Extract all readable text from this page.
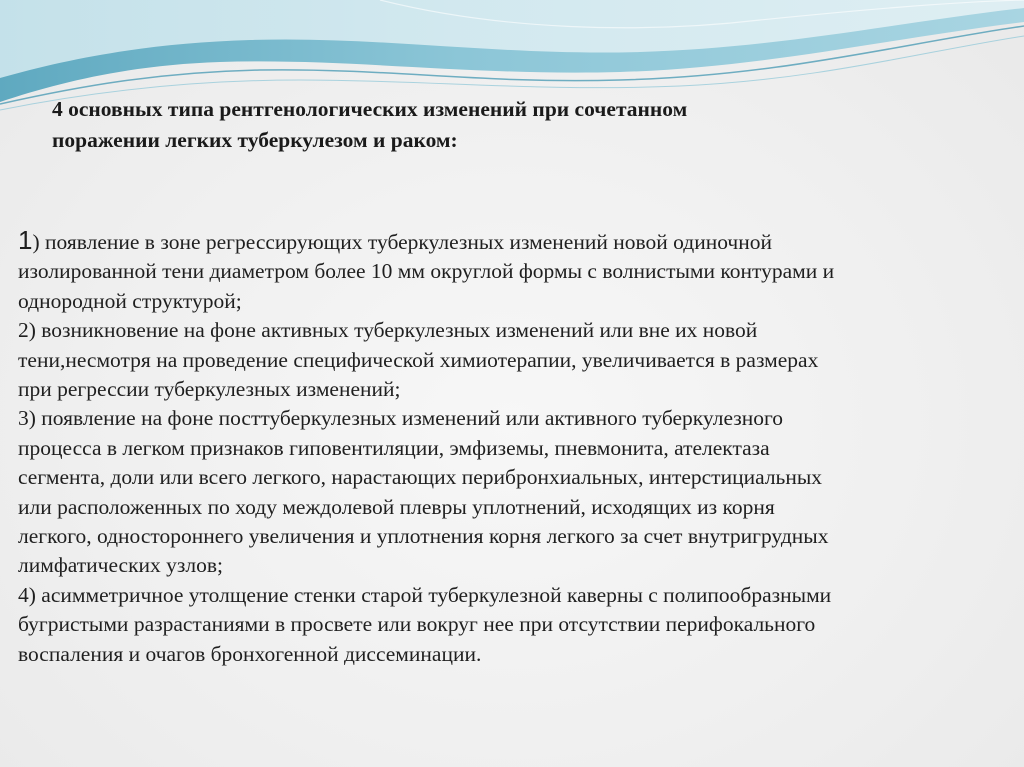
4 основных типа рентгенологических изменений при сочетанном
поражении легких туберкулезом и раком:
1) появление в зоне регрессирующих туберкулезных изменений новой одиночной
изолированной тени диаметром более 10 мм округлой формы с волнистыми контурами и
однородной структурой;
2) возникновение на фоне активных туберкулезных изменений или вне их новой
тени,несмотря на проведение специфической химиотерапии, увеличивается в размерах
при регрессии туберкулезных изменений;
3) появление на фоне посттуберкулезных изменений или активного туберкулезного
процесса в легком признаков гиповентиляции, эмфиземы, пневмонита, ателектаза
сегмента, доли или всего легкого, нарастающих перибронхиальных, интерстициальных
или расположенных по ходу междолевой плевры уплотнений, исходящих из корня
легкого, одностороннего увеличения и уплотнения корня легкого за счет внутригрудных
лимфатических узлов;
4) асимметричное утолщение стенки старой туберкулезной каверны с полипообразными
бугристыми разрастаниями в просвете или вокруг нее при отсутствии перифокального
воспаления и очагов бронхогенной диссеминации.
